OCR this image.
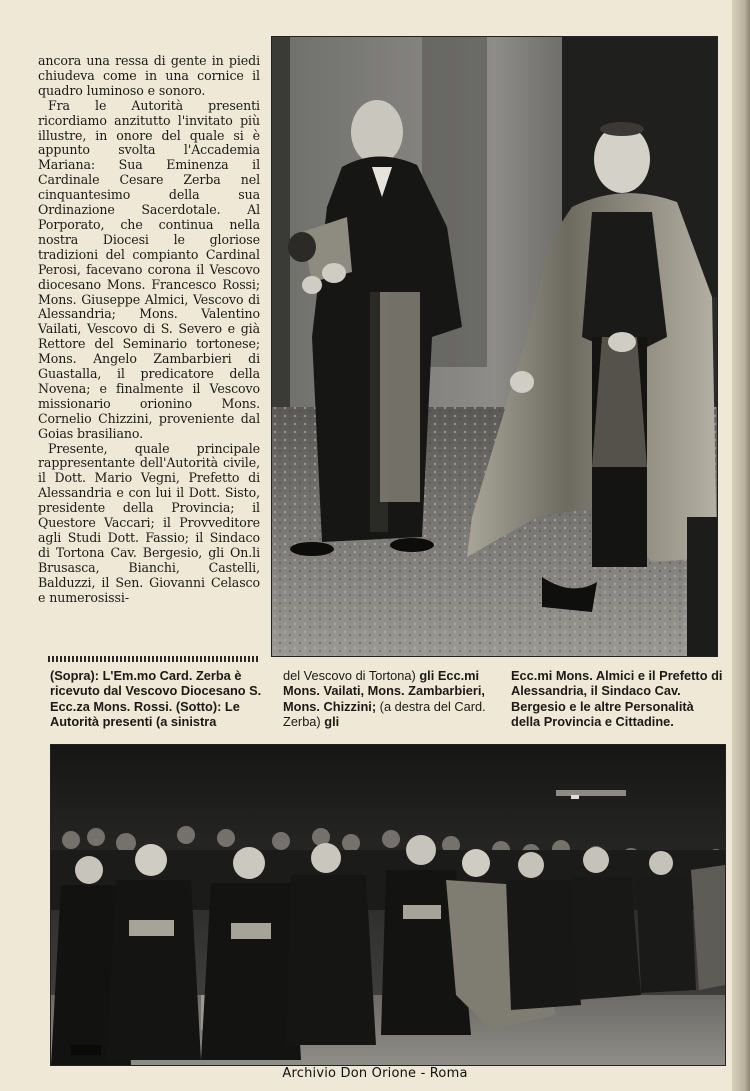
ancora una ressa di gente in piedi chiudeva come in una cornice il quadro luminoso e sonoro.

Fra le Autorità presenti ricordiamo anzitutto l'invitato più illustre, in onore del quale si è appunto svolta l'Accademia Mariana: Sua Eminenza il Cardinale Cesare Zerba nel cinquantesimo della sua Ordinazione Sacerdotale. Al Porporato, che continua nella nostra Diocesi le gloriose tradizioni del compianto Cardinal Perosi, facevano corona il Vescovo diocesano Mons. Francesco Rossi; Mons. Giuseppe Almici, Vescovo di Alessandria; Mons. Valentino Vailati, Vescovo di S. Severo e già Rettore del Seminario tortonese; Mons. Angelo Zambarbieri di Guastalla, il predicatore della Novena; e finalmente il Vescovo missionario orionino Mons. Cornelio Chizzini, proveniente dal Goias brasiliano.

Presente, quale principale rappresentante dell'Autorità civile, il Dott. Mario Vegni, Prefetto di Alessandria e con lui il Dott. Sisto, presidente della Provincia; il Questore Vaccari; il Provveditore agli Studi Dott. Fassio; il Sindaco di Tortona Cav. Bergesio, gli On.li Brusasca, Bianchi, Castelli, Balduzzi, il Sen. Giovanni Celasco e numerosissi-

(Sopra): L'Em.mo Card. Zerba è ricevuto dal Vescovo Diocesano S. Ecc.za Mons. Rossi. (Sotto): Le Autorità presenti (a sinistra
del Vescovo di Tortona) gli Ecc.mi Mons. Vailati, Mons. Zambarbieri, Mons. Chizzini; (a destra del Card. Zerba) gli
Ecc.mi Mons. Almici e il Prefetto di Alessandria, il Sindaco Cav. Bergesio e le altre Personalità della Provincia e Cittadine.
Archivio Don Orione - Roma
